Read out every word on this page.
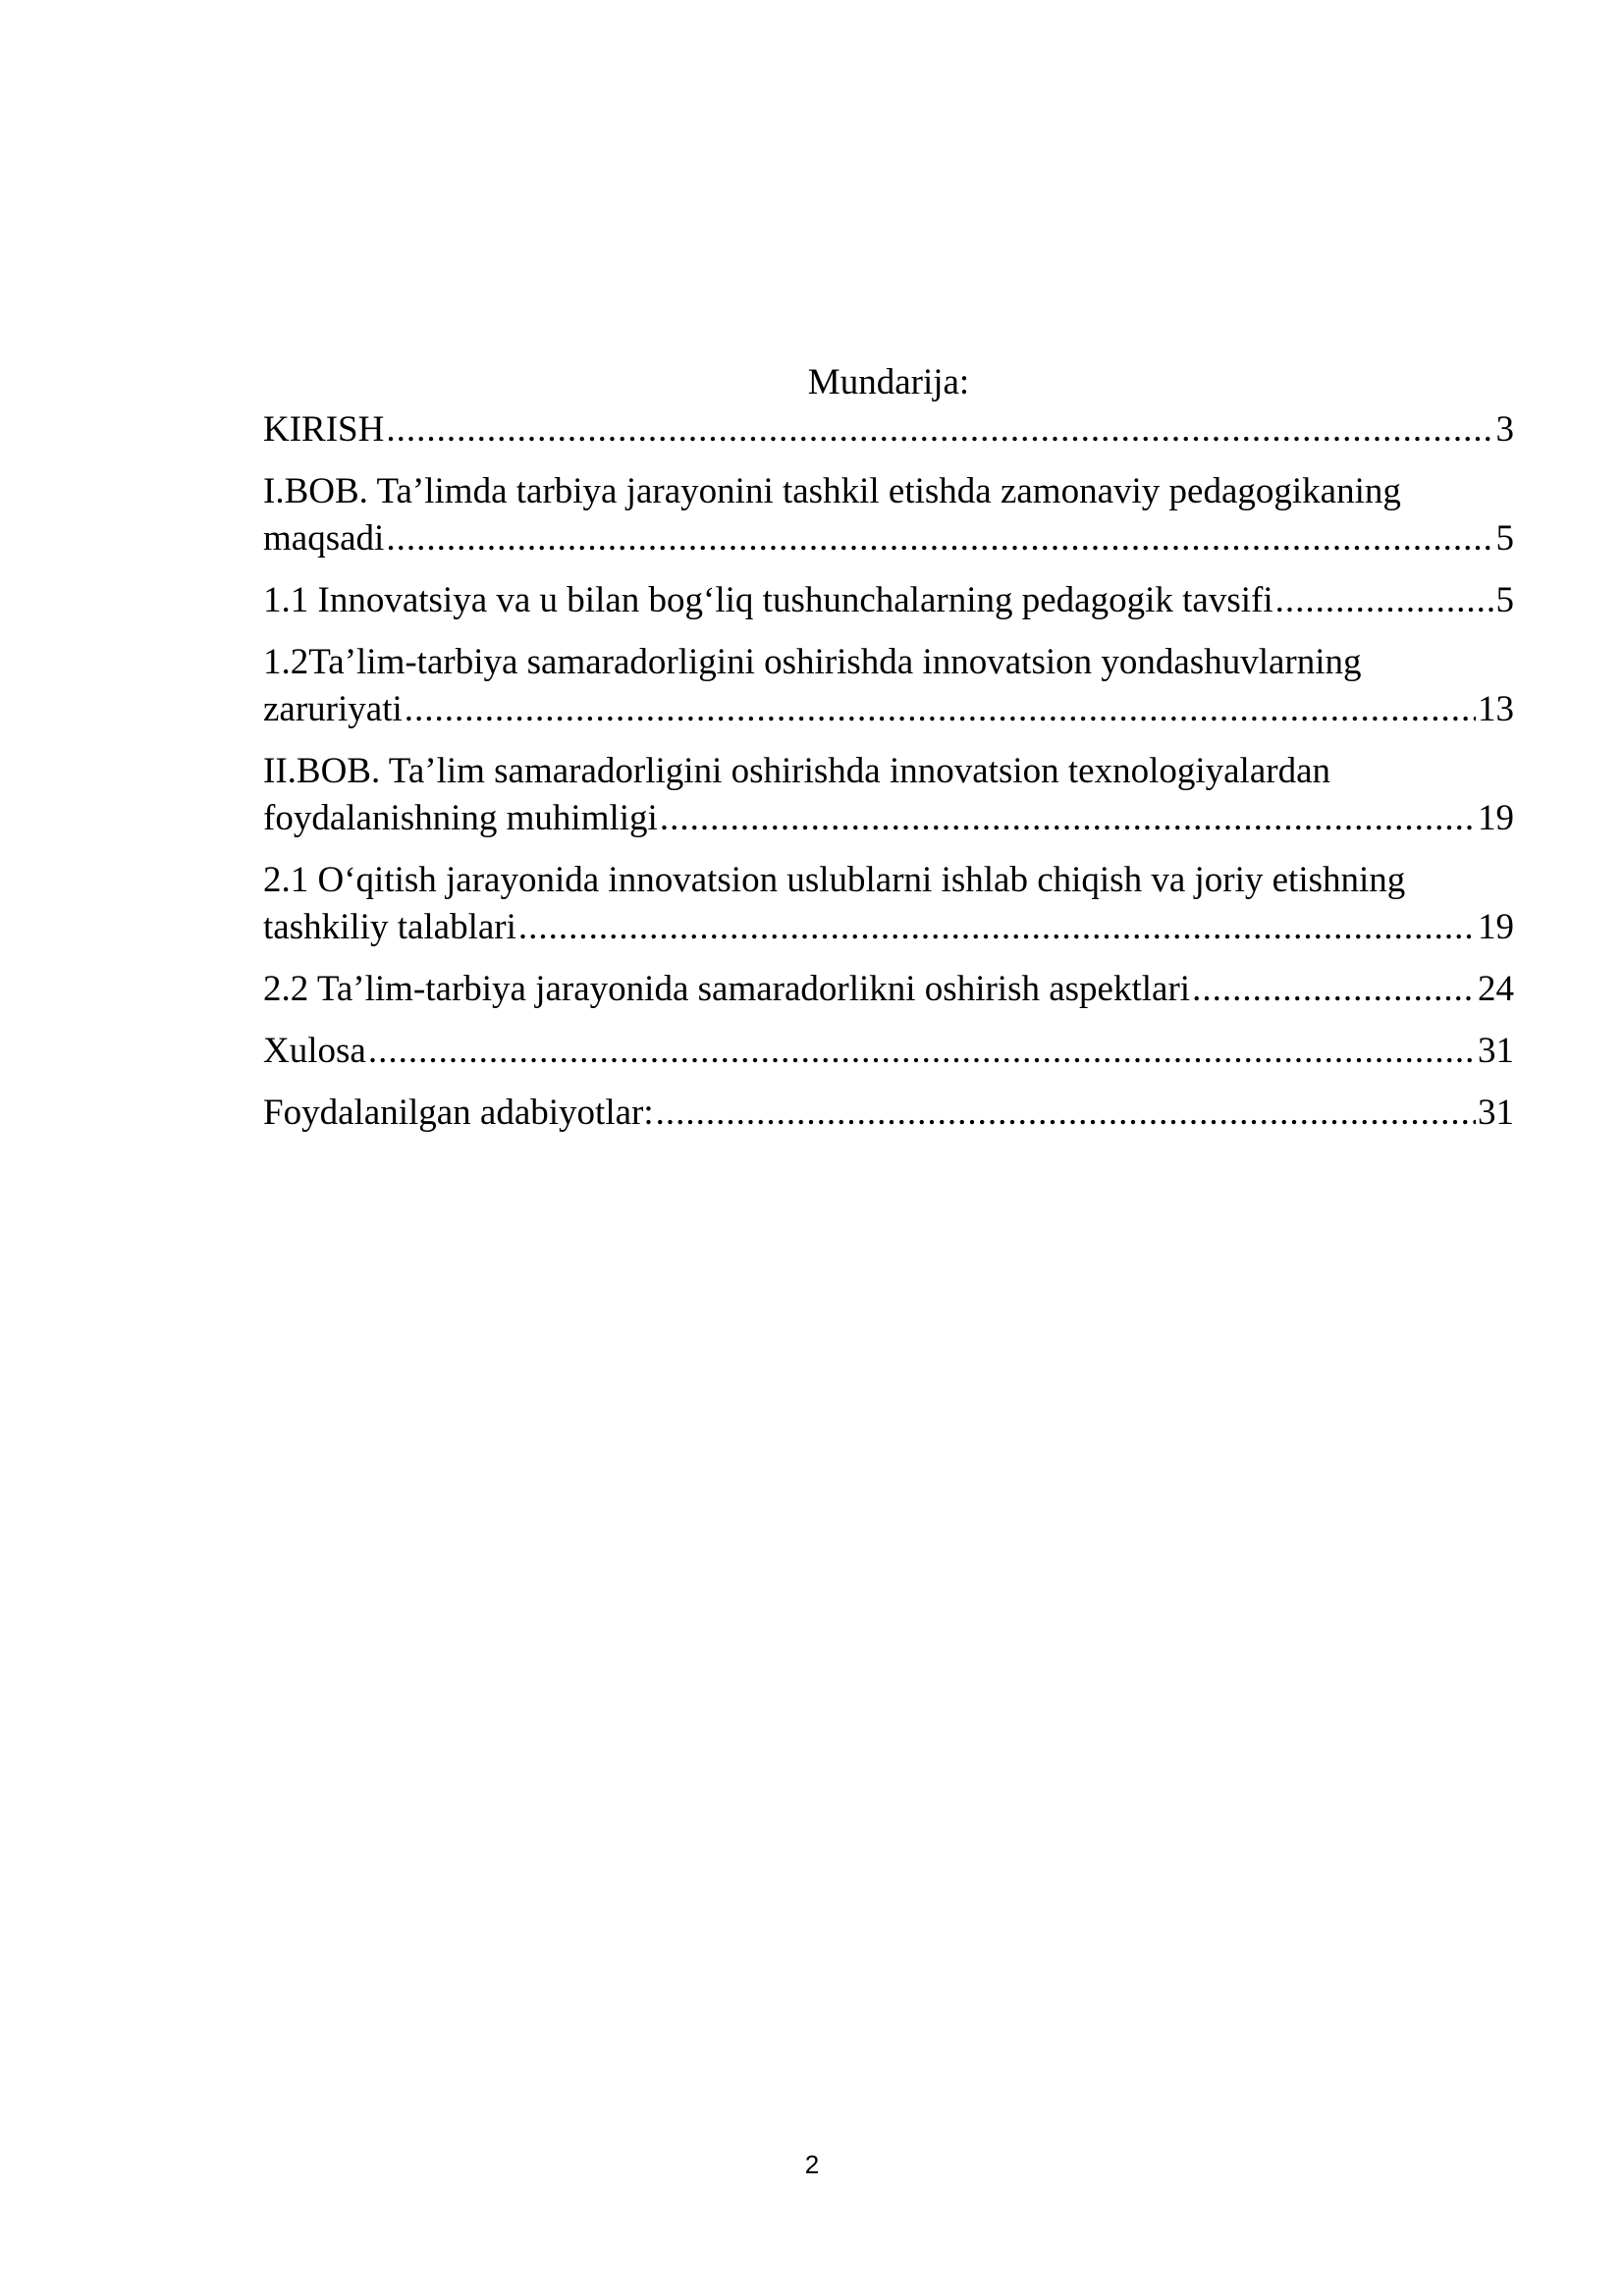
Mundarija:
KIRISH .....	3
I.BOB. Ta’limda tarbiya jarayonini tashkil etishda zamonaviy pedagogikaning
maqsadi .....	5
1.1 Innovatsiya va u bilan bog‘liq tushunchalarning pedagogik tavsifi .....	5
1.2Ta’lim-tarbiya samaradorligini oshirishda innovatsion yondashuvlarning
zaruriyati .....	13
II.BOB. Ta’lim samaradorligini oshirishda innovatsion texnologiyalardan
foydalanishning muhimligi .....	19
2.1 O‘qitish jarayonida innovatsion uslublarni ishlab chiqish va joriy etishning
tashkiliy talablari .....	19
2.2 Ta’lim-tarbiya jarayonida samaradorlikni oshirish aspektlari .....	24
Xulosa .....	31
Foydalanilgan adabiyotlar: .....	31
2
